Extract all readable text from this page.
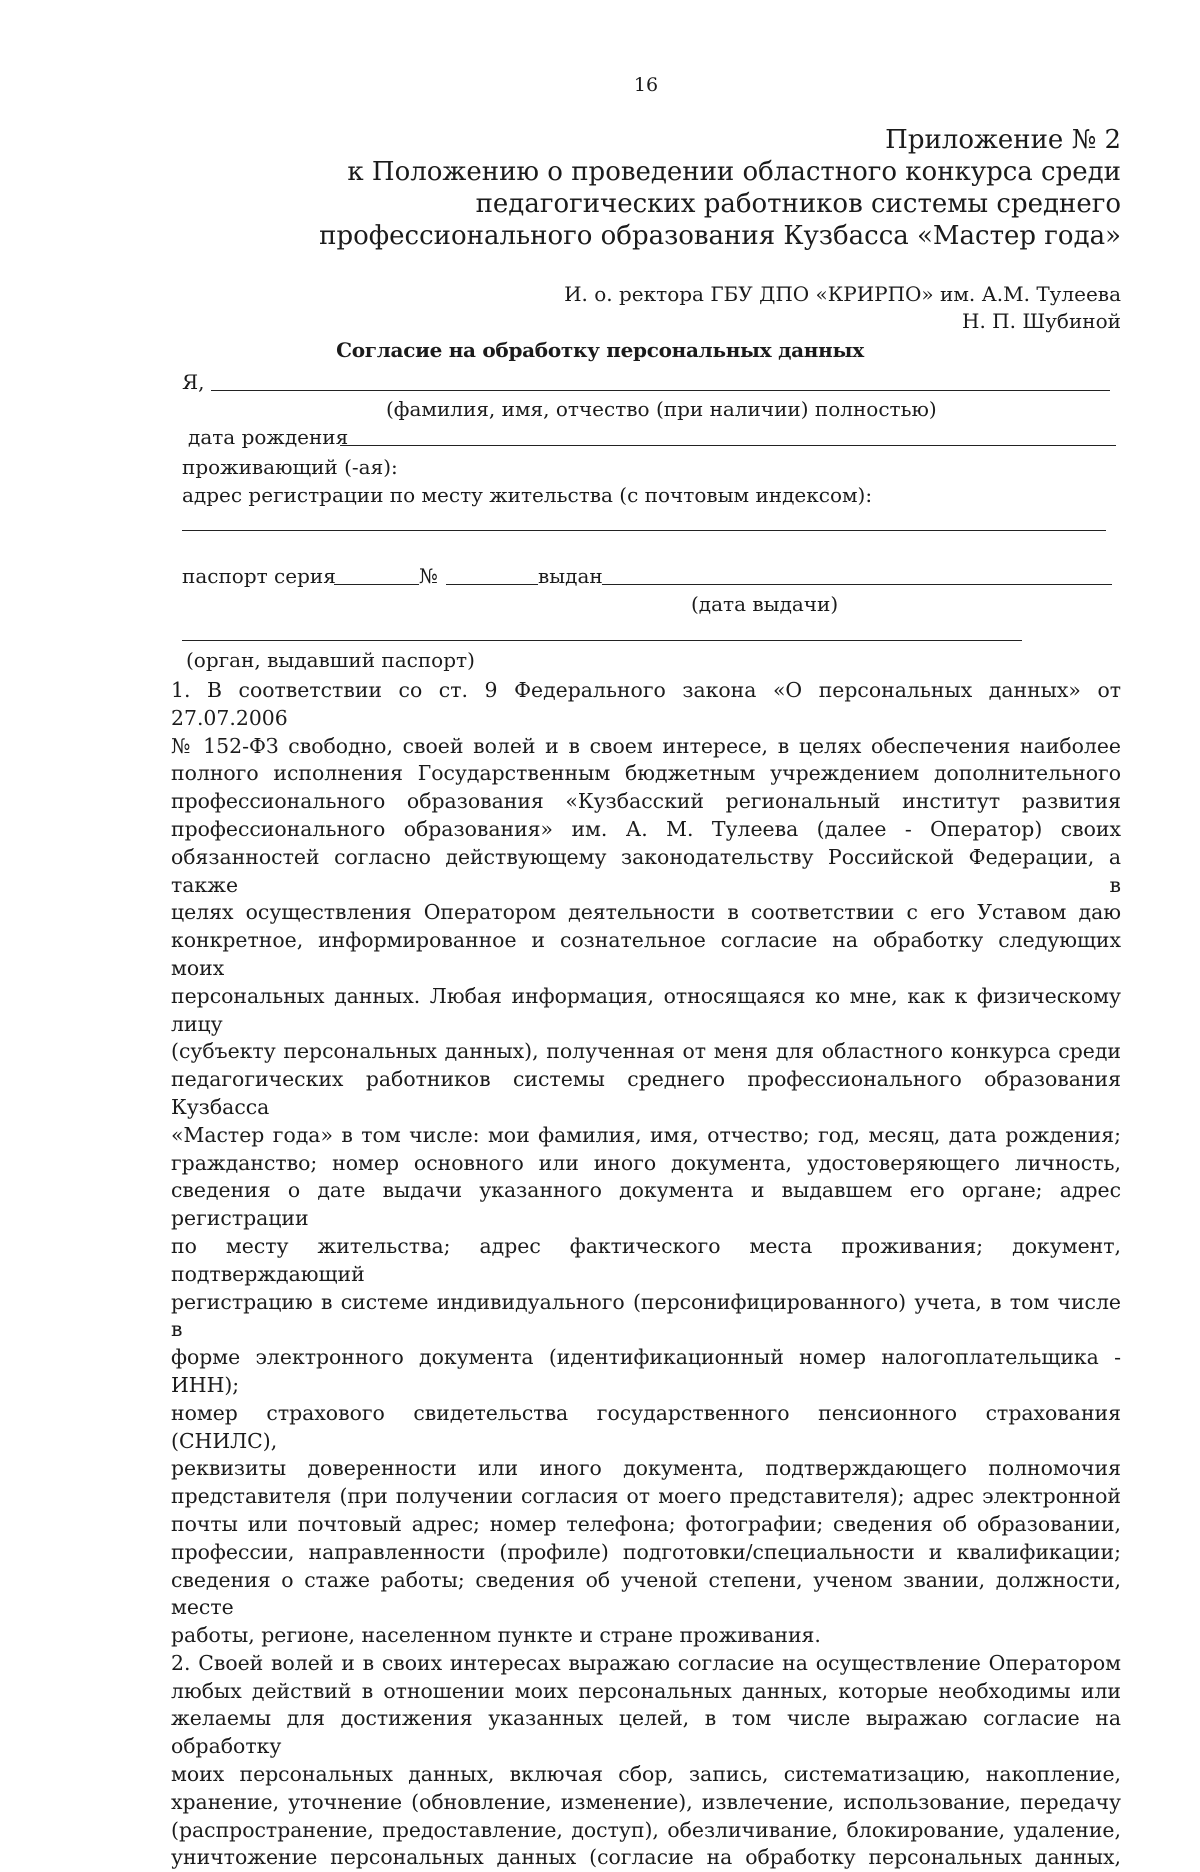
16
Приложение № 2
к Положению о проведении областного конкурса среди
педагогических работников системы среднего
профессионального образования Кузбасса «Мастер года»
И. о. ректора ГБУ ДПО «КРИРПО» им. А.М. Тулеева
Н. П. Шубиной
Согласие на обработку персональных данных
Я,
(фамилия, имя, отчество (при наличии) полностью)
дата рождения
проживающий (-ая):
адрес регистрации по месту жительства (с почтовым индексом):
паспорт серия	№	выдан
(дата выдачи)
(орган, выдавший паспорт)
1. В соответствии со ст. 9 Федерального закона «О персональных данных» от 27.07.2006
№ 152-ФЗ свободно, своей волей и в своем интересе, в целях обеспечения наиболее
полного исполнения Государственным бюджетным учреждением дополнительного
профессионального образования «Кузбасский региональный институт развития
профессионального образования» им. А. М. Тулеева (далее - Оператор) своих
обязанностей согласно действующему законодательству Российской Федерации, а также в
целях осуществления Оператором деятельности в соответствии с его Уставом даю
конкретное, информированное и сознательное согласие на обработку следующих моих
персональных данных. Любая информация, относящаяся ко мне, как к физическому лицу
(субъекту персональных данных), полученная от меня для областного конкурса среди
педагогических работников системы среднего профессионального образования Кузбасса
«Мастер года» в том числе: мои фамилия, имя, отчество; год, месяц, дата рождения;
гражданство; номер основного или иного документа, удостоверяющего личность,
сведения о дате выдачи указанного документа и выдавшем его органе; адрес регистрации
по месту жительства; адрес фактического места проживания; документ, подтверждающий
регистрацию в системе индивидуального (персонифицированного) учета, в том числе в
форме электронного документа (идентификационный номер налогоплательщика - ИНН);
номер страхового свидетельства государственного пенсионного страхования (СНИЛС),
реквизиты доверенности или иного документа, подтверждающего полномочия
представителя (при получении согласия от моего представителя); адрес электронной
почты или почтовый адрес; номер телефона; фотографии; сведения об образовании,
профессии, направленности (профиле) подготовки/специальности и квалификации;
сведения о стаже работы; сведения об ученой степени, ученом звании, должности, месте
работы, регионе, населенном пункте и стране проживания.
2. Своей волей и в своих интересах выражаю согласие на осуществление Оператором
любых действий в отношении моих персональных данных, которые необходимы или
желаемы для достижения указанных целей, в том числе выражаю согласие на обработку
моих персональных данных, включая сбор, запись, систематизацию, накопление,
хранение, уточнение (обновление, изменение), извлечение, использование, передачу
(распространение, предоставление, доступ), обезличивание, блокирование, удаление,
уничтожение персональных данных (согласие на обработку персональных данных,
